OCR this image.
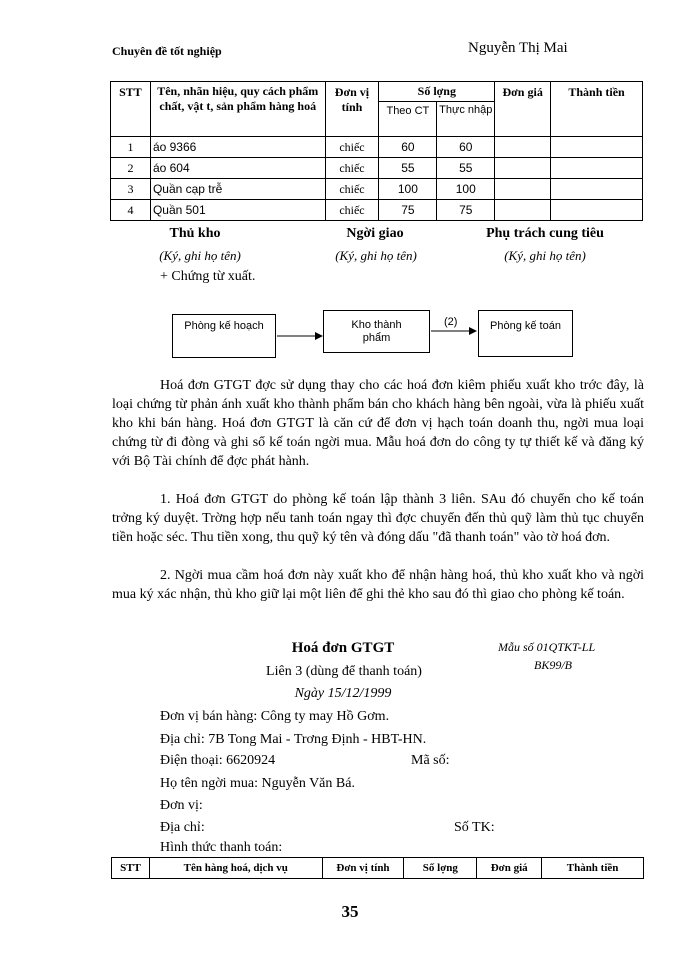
Chuyên đề tốt nghiệp	Nguyễn Thị Mai
STT	Tên, nhãn hiệu, quy cách phẩm chất, vật t, sản phẩm hàng hoá	Đơn vị tính	Số lợng		Đơn giá	Thành tiền
			Theo CT	Thực nhập		
1	áo 9366	chiếc	60	60		
2	áo 604	chiếc	55	55		
3	Quần cạp trễ	chiếc	100	100		
4	Quần 501	chiếc	75	75		
Thủ kho
(Ký, ghi họ tên)
Ngời giao
(Ký, ghi họ tên)
Phụ trách cung tiêu
(Ký, ghi họ tên)
+ Chứng từ xuất.
Phòng kế hoạch	Kho thành phẩm
Phòng kế toán
(2)
Hoá đơn GTGT đợc sử dụng thay cho các hoá đơn kiêm phiếu xuất kho trớc đây, là loại chứng từ phản ánh xuất kho thành phẩm bán cho khách hàng bên ngoài, vừa là phiếu xuất kho khi bán hàng. Hoá đơn GTGT là căn cứ để đơn vị hạch toán doanh thu, ngời mua loại chứng từ đi đòng và ghi sổ kế toán ngời mua. Mẫu hoá đơn do công ty tự thiết kế và đăng ký với Bộ Tài chính để đợc phát hành.
1. Hoá đơn GTGT do phòng kế toán lập thành 3 liên. SAu đó chuyển cho kế toán trởng ký duyệt. Trờng hợp nếu tanh toán ngay thì đợc chuyển đến thủ quỹ làm thủ tục chuyển tiền hoặc séc. Thu tiền xong, thu quỹ ký tên và đóng dấu "đã thanh toán" vào tờ hoá đơn.
2. Ngời mua cầm hoá đơn này xuất kho để nhận hàng hoá, thủ kho xuất kho và ngời mua ký xác nhận, thủ kho giữ lại một liên để ghi thẻ kho sau đó thì giao cho phòng kế toán.
Hoá đơn GTGT	Mẫu số 01QTKT-LL
BK99/B
Liên 3 (dùng để thanh toán)
Ngày 15/12/1999
Đơn vị bán hàng: Công ty may Hồ Gơm.
Địa chỉ: 7B Tong Mai - Trơng Định - HBT-HN.
Điện thoại: 6620924	Mã số:
Họ tên ngời mua: Nguyễn Văn Bá.
Đơn vị:
Địa chỉ:	Số TK:
Hình thức thanh toán:
STT	Tên hàng hoá, dịch vụ	Đơn vị tính	Số lợng	Đơn giá	Thành tiền
35
